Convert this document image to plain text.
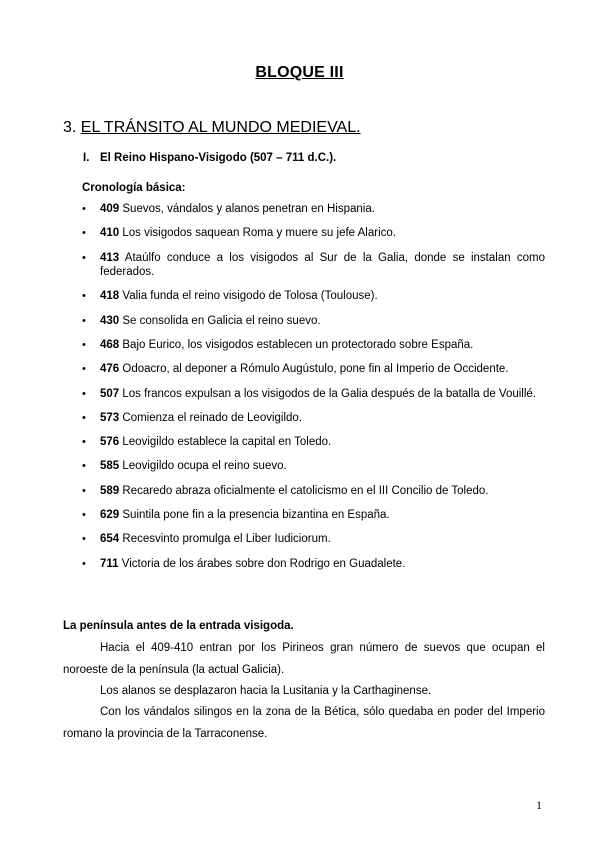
BLOQUE III
3. EL TRÁNSITO AL MUNDO MEDIEVAL.
I. El Reino Hispano-Visigodo (507 – 711 d.C.).
Cronología básica:
• 409 Suevos, vándalos y alanos penetran en Hispania.
• 410 Los visigodos saquean Roma y muere su jefe Alarico.
• 413 Ataúlfo conduce a los visigodos al Sur de la Galia, donde se instalan como federados.
• 418 Valia funda el reino visigodo de Tolosa (Toulouse).
• 430 Se consolida en Galicia el reino suevo.
• 468 Bajo Eurico, los visigodos establecen un protectorado sobre España.
• 476 Odoacro, al deponer a Rómulo Augústulo, pone fin al Imperio de Occidente.
• 507 Los francos expulsan a los visigodos de la Galia después de la batalla de Vouillé.
• 573 Comienza el reinado de Leovigildo.
• 576 Leovigildo establece la capital en Toledo.
• 585 Leovigildo ocupa el reino suevo.
• 589 Recaredo abraza oficialmente el catolicismo en el III Concilio de Toledo.
• 629 Suintila pone fin a la presencia bizantina en España.
• 654 Recesvinto promulga el Liber Iudiciorum.
• 711 Victoria de los árabes sobre don Rodrigo en Guadalete.
La península antes de la entrada visigoda.

Hacia el 409-410 entran por los Pirineos gran número de suevos que ocupan el noroeste de la península (la actual Galicia).

Los alanos se desplazaron hacia la Lusitania y la Carthaginense.

Con los vándalos silingos en la zona de la Bética, sólo quedaba en poder del Imperio romano la provincia de la Tarraconense.

1
